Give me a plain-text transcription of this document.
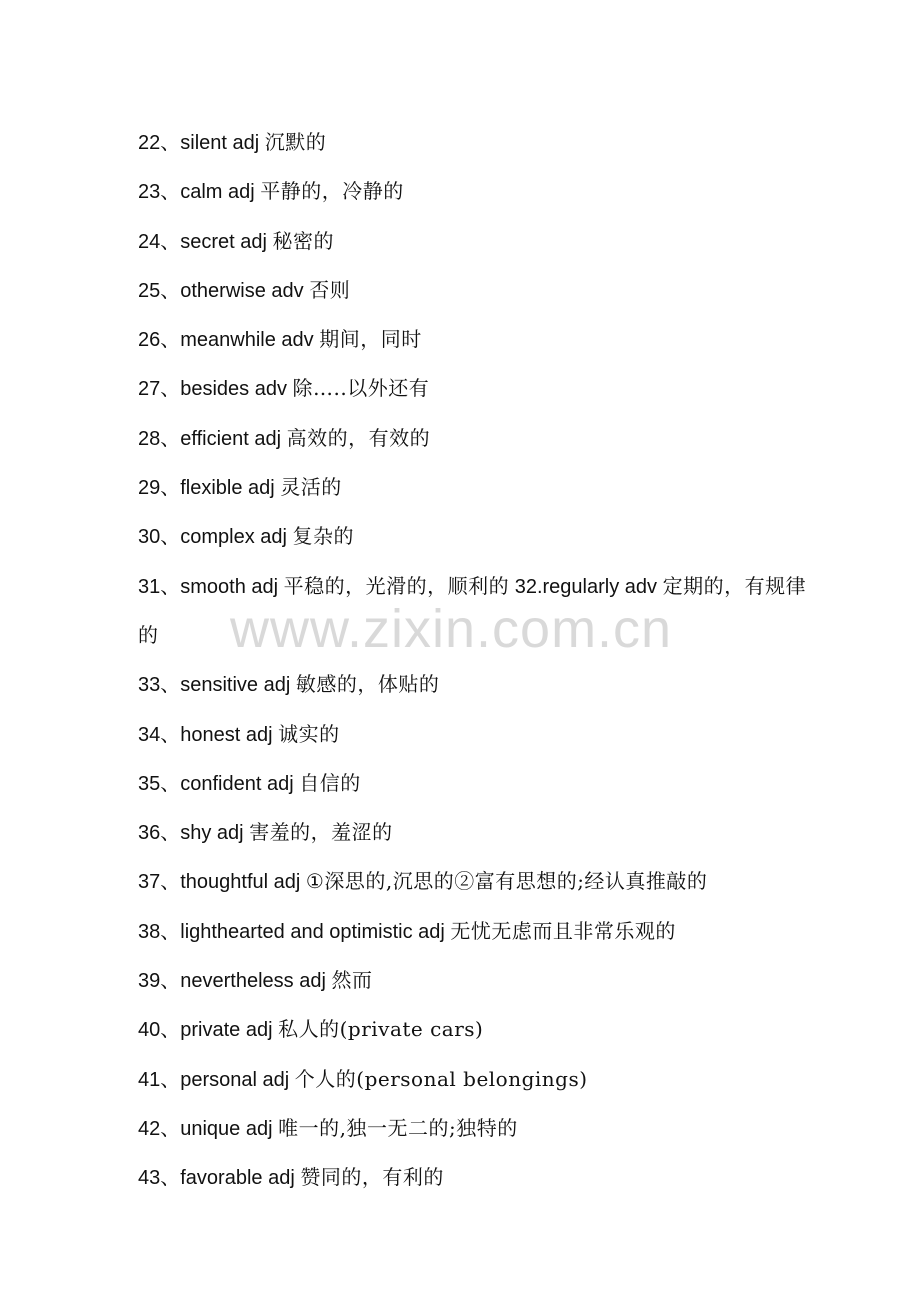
www.zixin.com.cn
22、silent adj 沉默的
23、calm adj 平静的，冷静的
24、secret adj 秘密的
25、otherwise adv 否则
26、meanwhile adv 期间，同时
27、besides adv 除…..以外还有
28、efficient adj 高效的，有效的
29、flexible adj 灵活的
30、complex adj 复杂的
31、smooth adj 平稳的，光滑的，顺利的 32.regularly adv 定期的，有规律的
33、sensitive adj 敏感的，体贴的
34、honest adj 诚实的
35、confident adj 自信的
36、shy adj 害羞的，羞涩的
37、thoughtful adj ①深思的,沉思的②富有思想的;经认真推敲的
38、lighthearted and optimistic adj 无忧无虑而且非常乐观的
39、nevertheless adj 然而
40、private adj 私人的(private cars)
41、personal adj 个人的(personal belongings)
42、unique adj 唯一的,独一无二的;独特的
43、favorable adj 赞同的，有利的
